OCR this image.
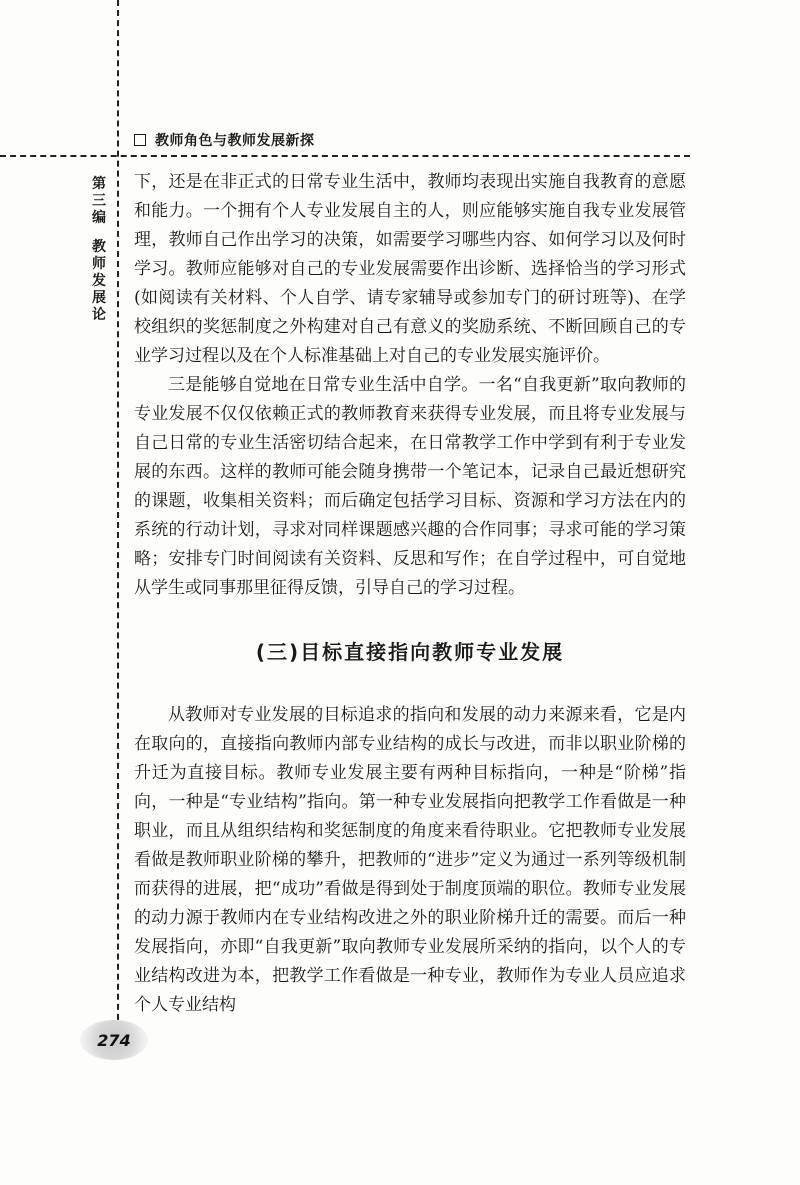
教师角色与教师发展新探
第
三
编
教
师
发
展
论

下，还是在非正式的日常专业生活中，教师均表现出实施自我教育的意愿和能力。一个拥有个人专业发展自主的人，则应能够实施自我专业发展管理，教师自己作出学习的决策，如需要学习哪些内容、如何学习以及何时学习。教师应能够对自己的专业发展需要作出诊断、选择恰当的学习形式(如阅读有关材料、个人自学、请专家辅导或参加专门的研讨班等)、在学校组织的奖惩制度之外构建对自己有意义的奖励系统、不断回顾自己的专业学习过程以及在个人标准基础上对自己的专业发展实施评价。

三是能够自觉地在日常专业生活中自学。一名“自我更新”取向教师的专业发展不仅仅依赖正式的教师教育来获得专业发展，而且将专业发展与自己日常的专业生活密切结合起来，在日常教学工作中学到有利于专业发展的东西。这样的教师可能会随身携带一个笔记本，记录自己最近想研究的课题，收集相关资料；而后确定包括学习目标、资源和学习方法在内的系统的行动计划，寻求对同样课题感兴趣的合作同事；寻求可能的学习策略；安排专门时间阅读有关资料、反思和写作；在自学过程中，可自觉地从学生或同事那里征得反馈，引导自己的学习过程。

(三)目标直接指向教师专业发展

从教师对专业发展的目标追求的指向和发展的动力来源来看，它是内在取向的，直接指向教师内部专业结构的成长与改进，而非以职业阶梯的升迁为直接目标。教师专业发展主要有两种目标指向，一种是“阶梯”指向，一种是“专业结构”指向。第一种专业发展指向把教学工作看做是一种职业，而且从组织结构和奖惩制度的角度来看待职业。它把教师专业发展看做是教师职业阶梯的攀升，把教师的“进步”定义为通过一系列等级机制而获得的进展，把“成功”看做是得到处于制度顶端的职位。教师专业发展的动力源于教师内在专业结构改进之外的职业阶梯升迁的需要。而后一种发展指向，亦即“自我更新”取向教师专业发展所采纳的指向，以个人的专业结构改进为本，把教学工作看做是一种专业，教师作为专业人员应追求个人专业结构

274
